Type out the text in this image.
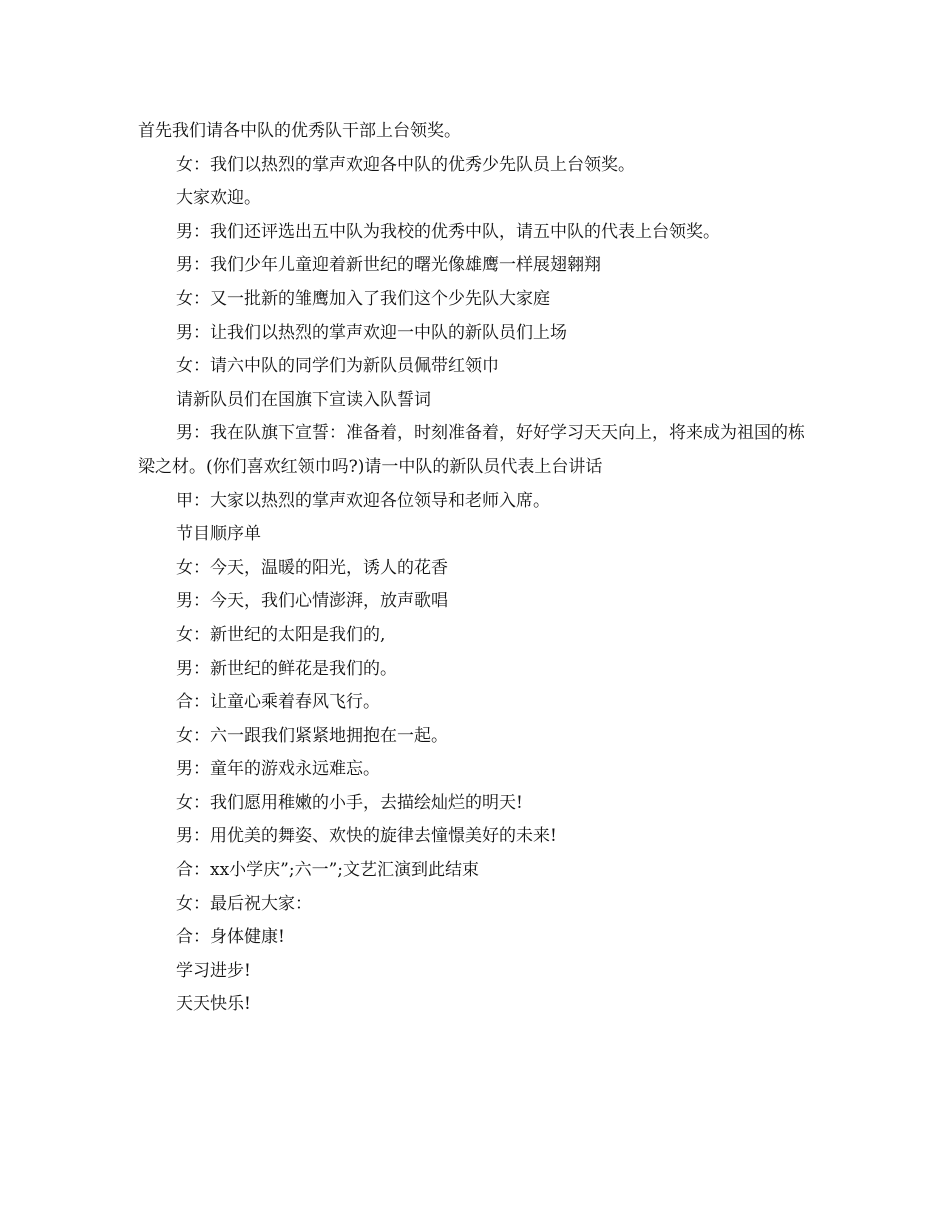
首先我们请各中队的优秀队干部上台领奖。

女：我们以热烈的掌声欢迎各中队的优秀少先队员上台领奖。

大家欢迎。

男：我们还评选出五中队为我校的优秀中队，请五中队的代表上台领奖。

男：我们少年儿童迎着新世纪的曙光像雄鹰一样展翅翱翔

女：又一批新的雏鹰加入了我们这个少先队大家庭

男：让我们以热烈的掌声欢迎一中队的新队员们上场

女：请六中队的同学们为新队员佩带红领巾

请新队员们在国旗下宣读入队誓词

男：我在队旗下宣誓：准备着，时刻准备着，好好学习天天向上，将来成为祖国的栋梁之材。(你们喜欢红领巾吗?)请一中队的新队员代表上台讲话

甲：大家以热烈的掌声欢迎各位领导和老师入席。

节目顺序单

女：今天，温暖的阳光，诱人的花香

男：今天，我们心情澎湃，放声歌唱

女：新世纪的太阳是我们的,

男：新世纪的鲜花是我们的。

合：让童心乘着春风飞行。

女：六一跟我们紧紧地拥抱在一起。

男：童年的游戏永远难忘。

女：我们愿用稚嫩的小手，去描绘灿烂的明天!

男：用优美的舞姿、欢快的旋律去憧憬美好的未来!

合：xx小学庆”;六一”;文艺汇演到此结束

女：最后祝大家：

合：身体健康!

学习进步!

天天快乐!
